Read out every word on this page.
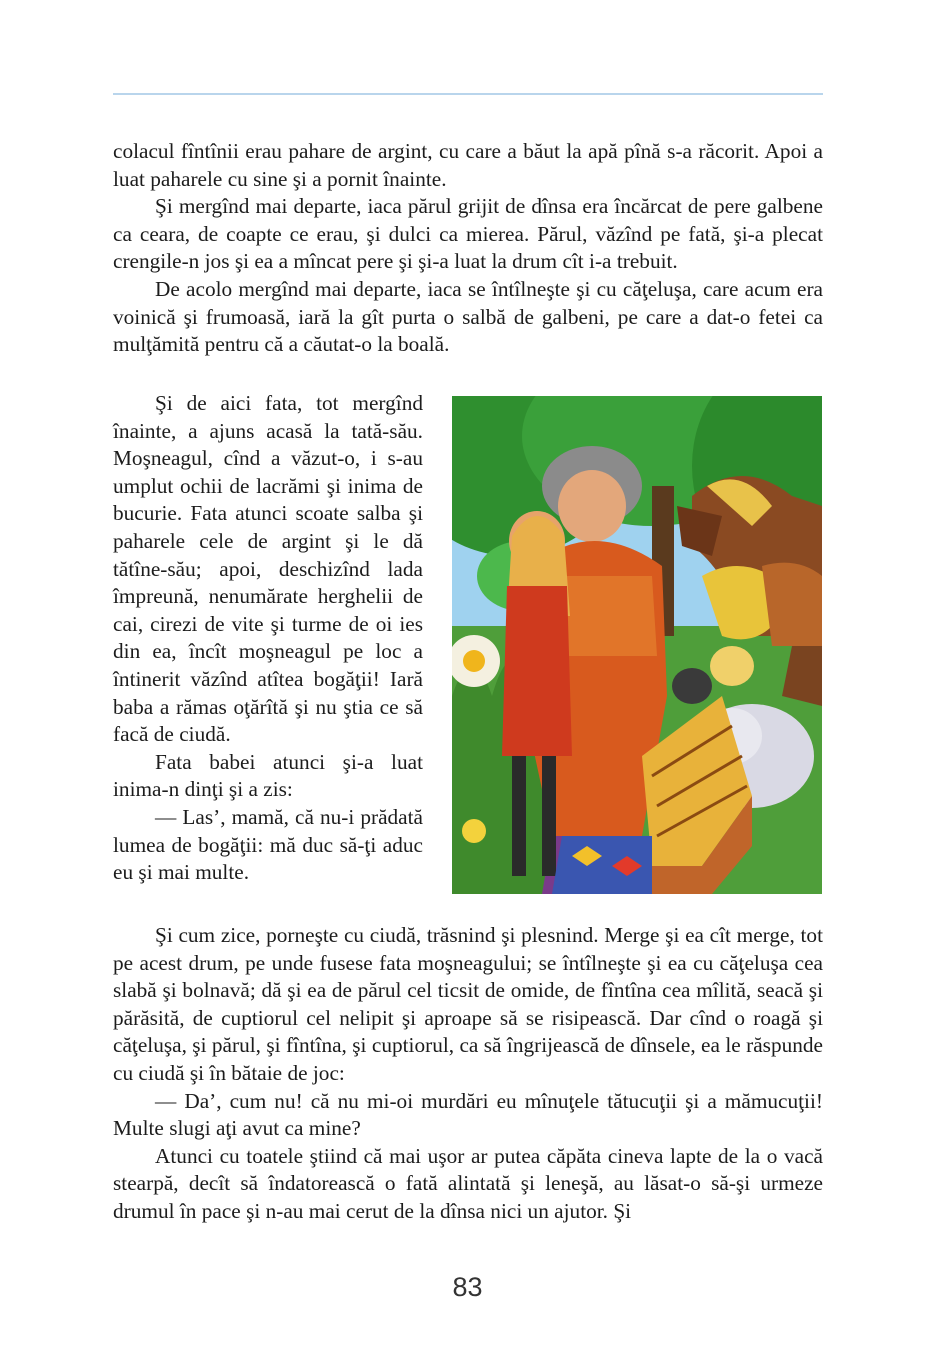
colacul fîntînii erau pahare de argint, cu care a băut la apă pînă s-a răcorit. Apoi a luat paharele cu sine şi a pornit înainte.

Şi mergînd mai departe, iaca părul grijit de dînsa era încărcat de pere galbene ca ceara, de coapte ce erau, şi dulci ca mierea. Părul, văzînd pe fată, şi-a plecat crengile-n jos şi ea a mîncat pere şi şi-a luat la drum cît i-a trebuit.

De acolo mergînd mai departe, iaca se întîlneşte şi cu căţeluşa, care acum era voinică şi frumoasă, iară la gît purta o salbă de galbeni, pe care a dat-o fetei ca mulţămită pentru că a căutat-o la boală.

Şi de aici fata, tot mergînd înainte, a ajuns acasă la tată-său. Moşneagul, cînd a văzut-o, i s-au umplut ochii de lacrămi şi inima de bucurie. Fata atunci scoate salba şi paharele cele de argint şi le dă tătîne-său; apoi, deschizînd lada împreună, nenumărate herghelii de cai, cirezi de vite şi turme de oi ies din ea, încît moşneagul pe loc a întinerit văzînd atîtea bogăţii! Iară baba a rămas oţărîtă şi nu ştia ce să facă de ciudă.

Fata babei atunci şi-a luat inima-n dinţi şi a zis:

— Las’, mamă, că nu-i prădată lumea de bogăţii: mă duc să-ţi aduc eu şi mai multe.

Şi cum zice, porneşte cu ciudă, trăsnind şi plesnind. Merge şi ea cît merge, tot pe acest drum, pe unde fusese fata moşneagului; se întîlneşte şi ea cu căţeluşa cea slabă şi bolnavă; dă şi ea de părul cel ticsit de omide, de fîntîna cea mîlită, seacă şi părăsită, de cuptiorul cel nelipit şi aproape să se risipească. Dar cînd o roagă şi căţeluşa, şi părul, şi fîntîna, şi cuptiorul, ca să îngrijească de dînsele, ea le răspunde cu ciudă şi în bătaie de joc:

— Da’, cum nu! că nu mi-oi murdări eu mînuţele tătucuţii şi a mămucuţii! Multe slugi aţi avut ca mine?

Atunci cu toatele ştiind că mai uşor ar putea căpăta cineva lapte de la o vacă stearpă, decît să îndatorească o fată alintată şi leneşă, au lăsat-o să-şi urmeze drumul în pace şi n-au mai cerut de la dînsa nici un ajutor. Şi

83
